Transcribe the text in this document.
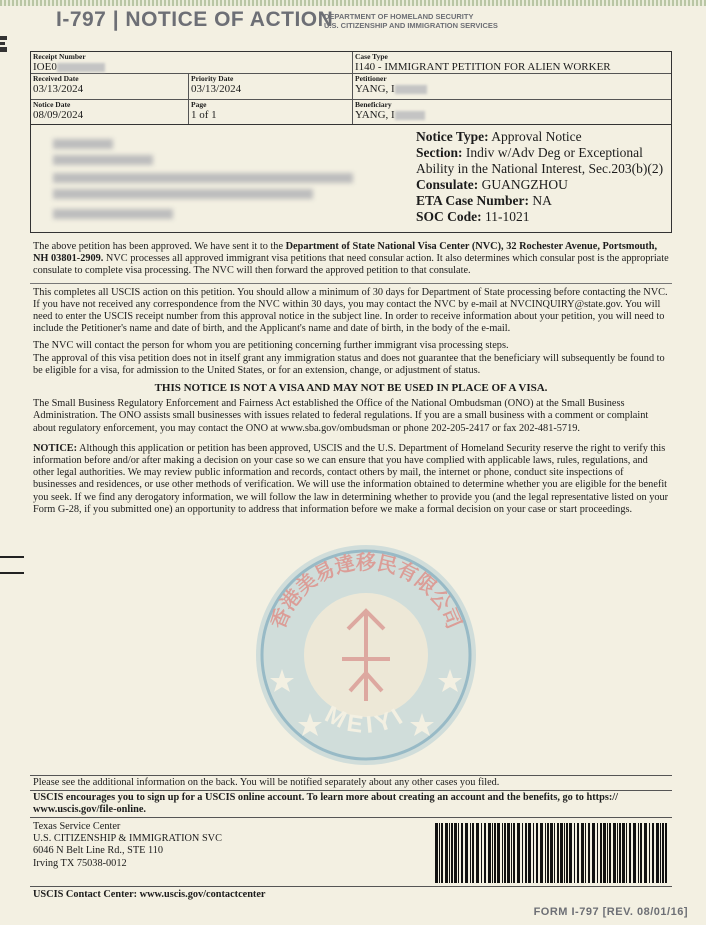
I-797 | NOTICE OF ACTION
DEPARTMENT OF HOMELAND SECURITY
U.S. CITIZENSHIP AND IMMIGRATION SERVICES
Receipt Number
IOE0
Case Type
I140 - IMMIGRANT PETITION FOR ALIEN WORKER
Received Date
03/13/2024
Priority Date
03/13/2024
Petitioner
YANG, I
Notice Date
08/09/2024
Page
1 of 1
Beneficiary
YANG, I
Notice Type: Approval Notice
Section: Indiv w/Adv Deg or Exceptional Ability in the National Interest, Sec.203(b)(2)
Consulate: GUANGZHOU
ETA Case Number: NA
SOC Code: 11-1021

The above petition has been approved. We have sent it to the Department of State National Visa Center (NVC), 32 Rochester Avenue, Portsmouth, NH 03801-2909. NVC processes all approved immigrant visa petitions that need consular action. It also determines which consular post is the appropriate consulate to complete visa processing. The NVC will then forward the approved petition to that consulate.

This completes all USCIS action on this petition. You should allow a minimum of 30 days for Department of State processing before contacting the NVC. If you have not received any correspondence from the NVC within 30 days, you may contact the NVC by e-mail at NVCINQUIRY@state.gov. You will need to enter the USCIS receipt number from this approval notice in the subject line. In order to receive information about your petition, you will need to include the Petitioner's name and date of birth, and the Applicant's name and date of birth, in the body of the e-mail.

The NVC will contact the person for whom you are petitioning concerning further immigrant visa processing steps.

The approval of this visa petition does not in itself grant any immigration status and does not guarantee that the beneficiary will subsequently be found to be eligible for a visa, for admission to the United States, or for an extension, change, or adjustment of status.

THIS NOTICE IS NOT A VISA AND MAY NOT BE USED IN PLACE OF A VISA.

The Small Business Regulatory Enforcement and Fairness Act established the Office of the National Ombudsman (ONO) at the Small Business Administration. The ONO assists small businesses with issues related to federal regulations. If you are a small business with a comment or complaint about regulatory enforcement, you may contact the ONO at www.sba.gov/ombudsman or phone 202-205-2417 or fax 202-481-5719.

NOTICE: Although this application or petition has been approved, USCIS and the U.S. Department of Homeland Security reserve the right to verify this information before and/or after making a decision on your case so we can ensure that you have complied with applicable laws, rules, regulations, and other legal authorities. We may review public information and records, contact others by mail, the internet or phone, conduct site inspections of businesses and residences, or use other methods of verification. We will use the information obtained to determine whether you are eligible for the benefit you seek. If we find any derogatory information, we will follow the law in determining whether to provide you (and the legal representative listed on your Form G-28, if you submitted one) an opportunity to address that information before we make a formal decision on your case or start proceedings.

香港美易達移民有限公司
MEIYI
Please see the additional information on the back. You will be notified separately about any other cases you filed.
USCIS encourages you to sign up for a USCIS online account. To learn more about creating an account and the benefits, go to https:// www.uscis.gov/file-online.
Texas Service Center
U.S. CITIZENSHIP & IMMIGRATION SVC
6046 N Belt Line Rd., STE 110
Irving TX 75038-0012
USCIS Contact Center: www.uscis.gov/contactcenter
FORM I-797 [REV. 08/01/16]
